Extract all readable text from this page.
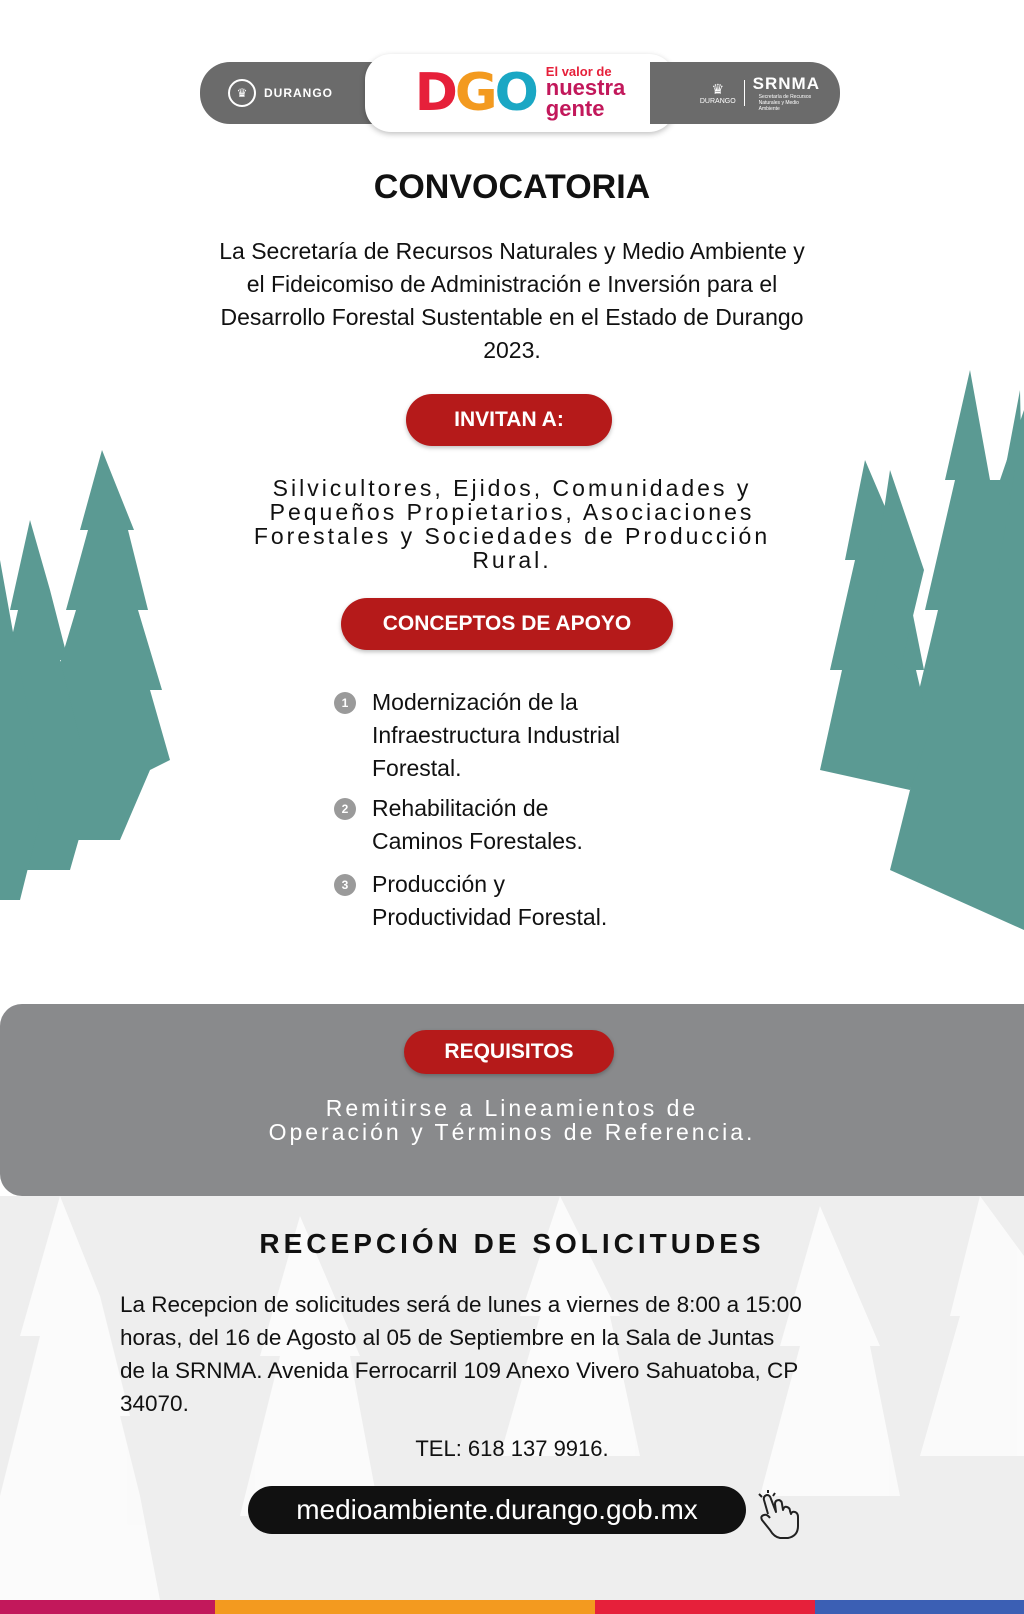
♛	DURANGO DGO El valor de
nuestra
gente
♛
DURANGO
SRNMA
Secretaría de Recursos Naturales y Medio Ambiente
CONVOCATORIA
La Secretaría de Recursos Naturales y Medio Ambiente y
el Fideicomiso de Administración e Inversión para el
Desarrollo Forestal Sustentable en el Estado de Durango
2023.
INVITAN A:
Silvicultores, Ejidos, Comunidades y
Pequeños Propietarios, Asociaciones
Forestales y Sociedades de Producción
Rural.
CONCEPTOS DE APOYO
1	Modernización de la
Infraestructura Industrial
Forestal.
2	Rehabilitación de
Caminos Forestales.
3	Producción y
Productividad Forestal.
REQUISITOS
Remitirse a Lineamientos de
Operación y Términos de Referencia.
RECEPCIÓN DE SOLICITUDES
La Recepcion de solicitudes será de lunes a viernes de 8:00 a 15:00
horas, del 16 de Agosto al 05 de Septiembre en la Sala de Juntas
de la SRNMA. Avenida Ferrocarril 109 Anexo Vivero Sahuatoba, CP
34070.
TEL: 618 137 9916.
medioambiente.durango.gob.mx
